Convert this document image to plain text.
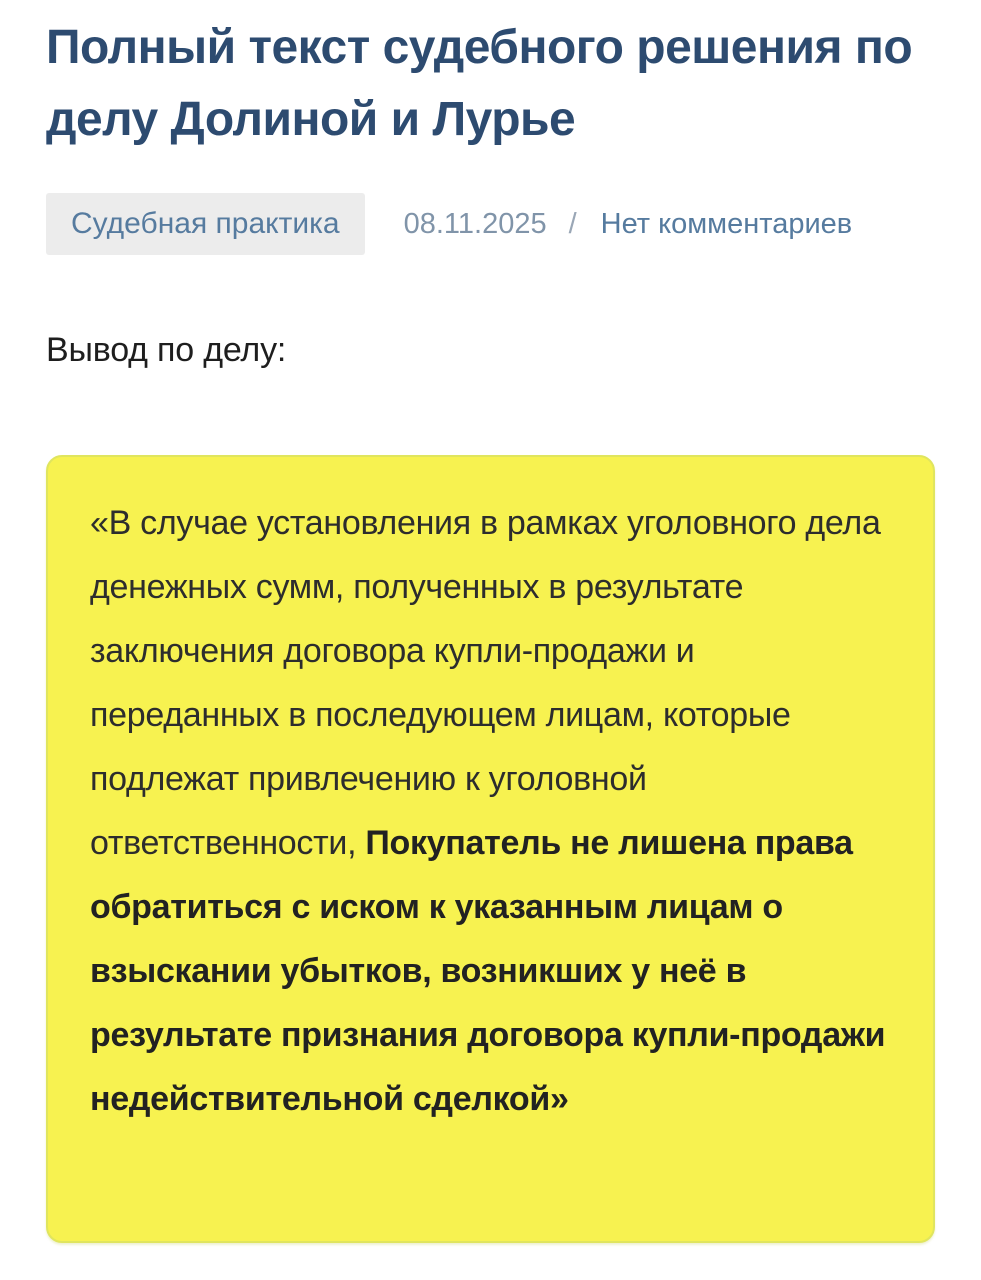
Полный текст судебного решения по делу Долиной и Лурье
Судебная практика	08.11.2025 / Нет комментариев

Вывод по делу:

«В случае установления в рамках уголовного дела денежных сумм, полученных в результате заключения договора купли-продажи и переданных в последующем лицам, которые подлежат привлечению к уголовной ответственности, Покупатель не лишена права обратиться с иском к указанным лицам о взыскании убытков, возникших у неё в результате признания договора купли-продажи недействительной сделкой»
